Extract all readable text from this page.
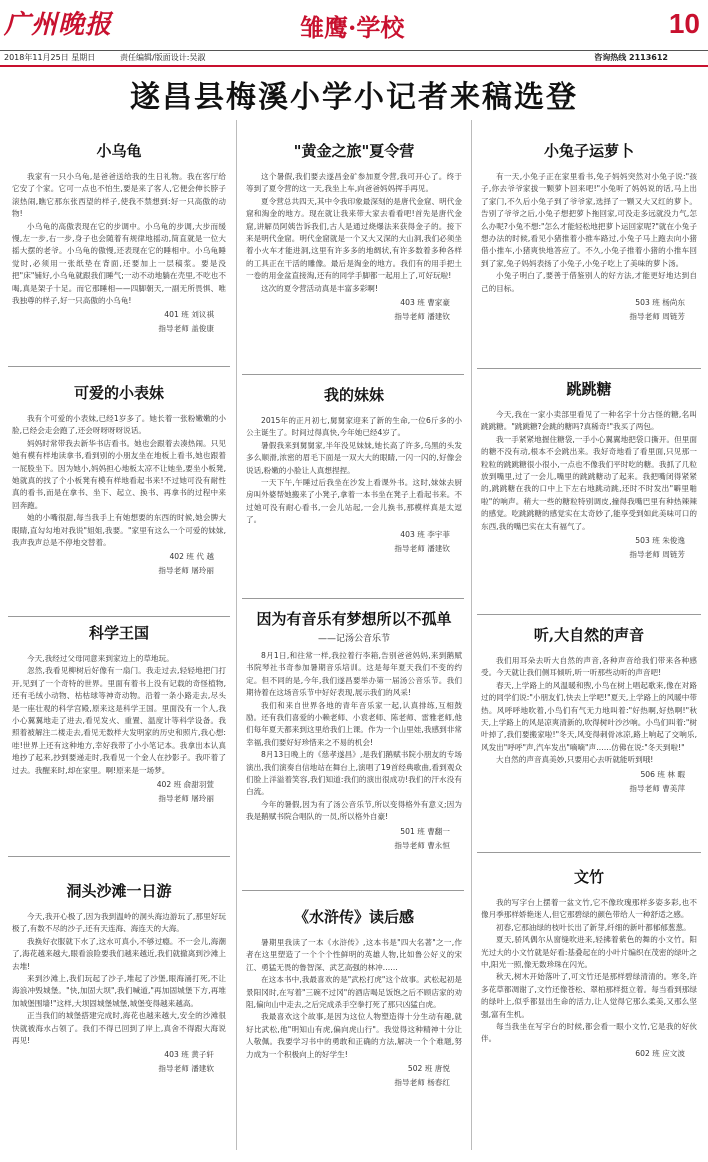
广州晚报	雏鹰·学校	10
2018年11月25日 星期日	责任编辑/版面设计:吴淑	咨询热线 2113612
遂昌县梅溪小学小记者来稿选登
小乌龟

我家有一只小乌龟,是爸爸送给我的生日礼物。我在客厅给它安了个家。它可一点也不怕生,要是来了客人,它便会伸长脖子滚热闹,瞧它那东张西望的样子,使我不禁想到:好一只高傲的动物!

小乌龟的高傲表现在它的步调中。小乌龟的步调,大步而缓慢,左一步,右一步,身子也会随着有规律地摇动,简直就是一位大摇大摆的老爷。小乌龟的傲慢,还表现在它的睡相中。小乌龟睡觉时,必须用一张纸垫在背面,还要加上一层稿浆。要是没把"床"铺好,小乌龟就跟我们睡气;一动不动地躺在壳里,不吃也不喝,真是架子十足。而它那睡相——四脚朝天,一副无所畏惧、唯我独尊的样子,好一只高傲的小乌龟!

401 班 刘议祺
指导老师 盖俊康
可爱的小表妹

我有个可爱的小表妹,已经1岁多了。她长着一张粉嫩嫩的小脸,已经会走会跑了,还会呀呀呀呀说话。

妈妈时常带我去新华书店看书。她也会跟着去凑热闹。只见她有模有样地读拿书,看到别的小朋友坐在地板上看书,她也跟着一屁股坐下。因为她小,妈妈担心地板太凉不让她坐,要坐小板凳,她就真的找了个小板凳有模有样地看起书来!不过她可没有耐性真的看书,而是在拿书、坐下、起立、换书、再拿书的过程中来回奔跑。

她的小嘴很甜,每当我手上有她想要的东西的时候,她会脾大眼睛,直勾勾地对我说"姐姐,我要。"家里有这么一个可爱的妹妹,我声我声总是不停地交替着。

402 班 代 越
指导老师 屠玲丽
科学王国

今天,我经过父母同意来到家边上的草地玩。

忽然,我看见柳树后好像有一扇门。我走过去,轻轻地把门打开,见到了一个奇特的世界。里面有着书上没有记载的奇怪植物,还有毛绒小动物、枯枯球等神奇动物。沿着一条小路走去,尽头是一座壮观的科学宫殿,原来这是科学王国。里面没有一个人,我小心翼翼地走了进去,看见发火、重置、温度计等科学设备。我照着被解注二楼走去,看见无数样大发明家的历史和照片,我心想:哇!世界上还有这种地方,幸好我带了小小笔记本。我拿出本认真地抄了起来,抄到要递走时,我看见一个金人在抄影子。我吓着了过去。我醒来时,却在家里。啊!原来是一场梦。

402 班 俞甜羽萱
指导老师 屠玲丽
洞头沙滩一日游

今天,我开心极了,因为我到温岭的洞头海边游玩了,那里好玩极了,有数不尽的沙子,还有天连海、海连天的大海。

我换好衣服就下水了,这水可真小,不够过瘾。不一会儿,海潮了,海花越来越大,眼看浪险要我们越来越近,我们就撤离到沙滩上去堆!

来到沙滩上,我们玩起了沙子,堆起了沙堡,眼海涌打死,不让海浪冲毁城堡。"快,加固大坝",我们喊道,"再加固城堡下方,再堆加城堡围墙!"这样,大坝固城堡城堡,城堡变得越来越高。

正当我们的城堡搭建完成时,海花也越来越大,安全的沙滩很快就被海水占领了。我们不得已回到了岸上,真舍不得跟大海说再见!

403 班 黄子轩
指导老师 潘建软
"黄金之旅"夏令营

这个暑假,我们要去遂昌金矿参加夏令营,我可开心了。终于等到了夏令营的这一天,我坐上车,向爸爸妈妈挥手再见。

夏令营总共四天,其中令我印象最深刻的是唐代金窟、明代金窟和淘金的地方。现在就让我来带大家去看看吧!首先是唐代金窟,讲解员阿姨告诉我们,古人是通过烧爆法来获得金子的。接下来是明代金窟。明代金窟就是一个又大又深的大山洞,我们必须坐着小火车才能进洞,这里有许多多的地绸状,有许多数着多种各样的工具正在干活的雕像。最后是淘金的地方。我们有的用手把土一卷的用金盆直接淘,还有的同学手脚都一起用上了,可好玩啦!

这次的夏令营活动真是丰富多彩啊!

403 班 曹家豪
指导老师 潘建钦
我的妹妹

2015年的正月初七,舅舅家迎来了新的生命,一位6斤多的小公主诞生了。时间过得真快,今年她已经4岁了。

暑假我来到舅舅家,半年没见妹妹,她长高了许多,乌黑的头发多么顺滑,浓密的眉毛下面是一双大大的眼睛,一闪一闪的,好像会说话,粉嫩的小脸让人真想捏捏。

一天下午,午睡过后我坐在沙发上看课外书。这时,妹妹去厨房叫外婆帮她搬来了小凳子,拿着一本书坐在凳子上看起书来。不过她可没有耐心看书,一会儿站起,一会儿换书,那模样真是太逗了。

403 班 李宇菲
指导老师 潘建钦
因为有音乐有梦想所以不孤单
——记汤公音乐节

8月1日,和往常一样,我拉着行李箱,告别爸爸妈妈,来到鹅赋书院琴社书奇参加暑期音乐培训。这是每年夏天我们不变的约定。但不同的是,今年,我们遂昌要举办第一届汤公音乐节。我们期待着在这场音乐节中好好表现,展示我们的风采!

我们和来自世界各地的青年音乐家一起,认真排练,互相鼓励。还有我们喜爱的小赖老师、小袁老师、陈老师、雷雅老师,他们每年夏天都来到这里给我们上课。作为一个山里娃,我感到非常幸福,我们要好好珍惜来之不易的机会!

8月13日晚上的《慈孝遂昌》,是我们鹅赋书院小朋友的专场演出,我们演奏自信地站在舞台上,演唱了19首经典歌曲,看到观众们脸上洋溢着笑容,我们知道:我们的演出很成功!我们的汗水没有白流。

今年的暑假,因为有了汤公音乐节,所以变得格外有意义;因为我是鹅赋书院合唱队的一员,所以格外自豪!

501 班 曹翻一
指导老师 曹永恒
《水浒传》读后感

暑期里我读了一本《水浒传》,这本书是"四大名著"之一,作者在这里塑造了一个个个性鲜明的英雄人物,比如鲁公好义的宋江、勇猛无畏的鲁智深、武艺高强的林冲……

在这本书中,我最喜欢的是"武松打虎"这个故事。武松起初是景阳冈时,在写着"三碗不过冈"的酒店喝足饭饱之后不顾店家的劝阻,偏向山中走去,之后完成杀手空拳打死了那只凶猛白虎。

我最喜欢这个故事,是因为这位人物塑造得十分生动有趣,就好比武松,他"明知山有虎,偏向虎山行"。我觉得这种精神十分让人敬佩。我要学习书中的勇敢和正确的方法,解决一个个难题,努力成为一个积极向上的好学生!

502 班 唐悦
指导老师 杨春红
小兔子运萝卜

有一天,小兔子正在家里看书,兔子妈妈突然对小兔子说:"孩子,你去爷爷家拔一颗萝卜回来吧!"小兔听了妈妈说的话,马上出了家门,不久后小兔子到了爷爷家,选择了一颗又大又红的萝卜。告别了爷爷之后,小兔子想把萝卜拖回家,可没走多远就没力气,怎么办呢?小兔不想:"怎么才能轻松地把萝卜运回家呢?"就在小兔子想办法的时候,看见小猪推着小推车路过,小兔子马上跑去向小猪借小推车,小猪爽快地答应了。不久,小兔子推着小猪的小推车回到了家,兔子妈妈表扬了小兔子,小兔子吃上了美味的萝卜汤。

小兔子明白了,要善于借鉴别人的好方法,才能更好地达到自己的目标。

503 班 杨尚东
指导老师 周链芳
跳跳糖

今天,我在一家小卖部里看见了一种名字十分古怪的糖,名叫跳跳糖。"跳跳糖?会跳的糖吗?真稀奇!"我买了两包。

我一手紧紧地握住糖袋,一手小心翼翼地把袋口撕开。但里面的糖不没有动,根本不会跳出来。我好奇地看了看里面,只见那一粒粒的跳跳糖很小很小,一点也不像我们平时吃的糖。我抓了几粒放到嘴里,过了一会儿,嘴里的跳跳糖动了起来。我把嘴闭得紧紧的,跳跳糖在我的口中上下左右地跳动跳,还时不时发出"噼里啪啦"的响声。稍大一些的糖粒特别调皮,撞得我嘴巴里有种热辣辣的感觉。吃跳跳糖的感觉实在太奇妙了,能享受到如此美味可口的东西,我的嘴巴实在太有福气了。

503 班 朱俊逸
指导老师 周链芳
听,大自然的声音

我们用耳朵去听大自然的声音,各种声音给我们带来各种感受。今天就让我们侧耳倾听,听一听那些动听的声音吧!

春天,上学路上的风温暖和煦,小鸟在树上唱起歌来,像在对路过的同学们说:"小朋友们,快去上学吧!"夏天,上学路上的风暖中带热。风呼呼地吹着,小鸟们有气无力地叫着:"好热啊,好热啊!"秋天,上学路上的风是凉爽清新的,吹得树叶沙沙响。小鸟们叫着:"树叶掉了,我们要搬家啦!"冬天,风变得刺骨冰凉,路上响起了交响乐,风发出"呼呼"声,汽车发出"嘀嘀"声……仿佛在说:"冬天到啦!"

大自然的声音真美妙,只要用心去听就能听到哦!

506 班 林 暇
指导老师 曹美萍
文竹

我的写字台上摆着一盆文竹,它不像玫瑰那样多姿多彩,也不像月季那样娇艳迷人,但它那碧绿的颜色带给人一种舒适之感。

初春,它那油绿的枝叶长出了新芽,纤细的新叶都郁郁葱葱。

夏天,骄风偶尔从窗缝吹进来,轻拂着紫色的舞的小文竹。阳光过大的小文竹就是好看:基叠起在的小叶片编织在茂密的绿叶之中,阳光一照,像无数珍珠在闪光。

秋天,树木开始落叶了,可文竹还是那样碧绿清清的。寒冬,许多花草都凋谢了,文竹还像苍松、翠柏那样挺立着。每当看到那绿的绿叶上,似乎都显出生命的活力,让人觉得它那么柔美,又那么坚强,富有生机。

每当我坐在写字台的时候,都会看一眼小文竹,它是我的好伙伴。

602 班 应文波
